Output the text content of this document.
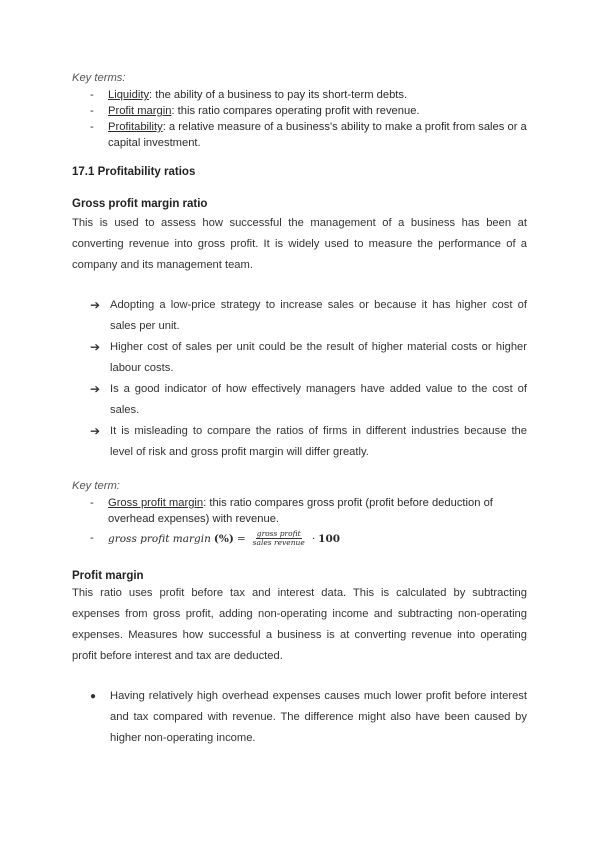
Key terms:
- Liquidity: the ability of a business to pay its short-term debts.
- Profit margin: this ratio compares operating profit with revenue.
- Profitability: a relative measure of a business's ability to make a profit from sales or a capital investment.
17.1 Profitability ratios
Gross profit margin ratio

This is used to assess how successful the management of a business has been at converting revenue into gross profit. It is widely used to measure the performance of a company and its management team.

➔ Adopting a low-price strategy to increase sales or because it has higher cost of sales per unit.
➔ Higher cost of sales per unit could be the result of higher material costs or higher labour costs.
➔ Is a good indicator of how effectively managers have added value to the cost of sales.
➔ It is misleading to compare the ratios of firms in different industries because the level of risk and gross profit margin will differ greatly.
Key term:
- Gross profit margin: this ratio compares gross profit (profit before deduction of overhead expenses) with revenue.
- gross profit margin (%) = $\frac{\text{gross profit}}{\text{sales revenue}} \cdot 100$
Profit margin

This ratio uses profit before tax and interest data. This is calculated by subtracting expenses from gross profit, adding non-operating income and subtracting non-operating expenses. Measures how successful a business is at converting revenue into operating profit before interest and tax are deducted.

● Having relatively high overhead expenses causes much lower profit before interest and tax compared with revenue. The difference might also have been caused by higher non-operating income.
